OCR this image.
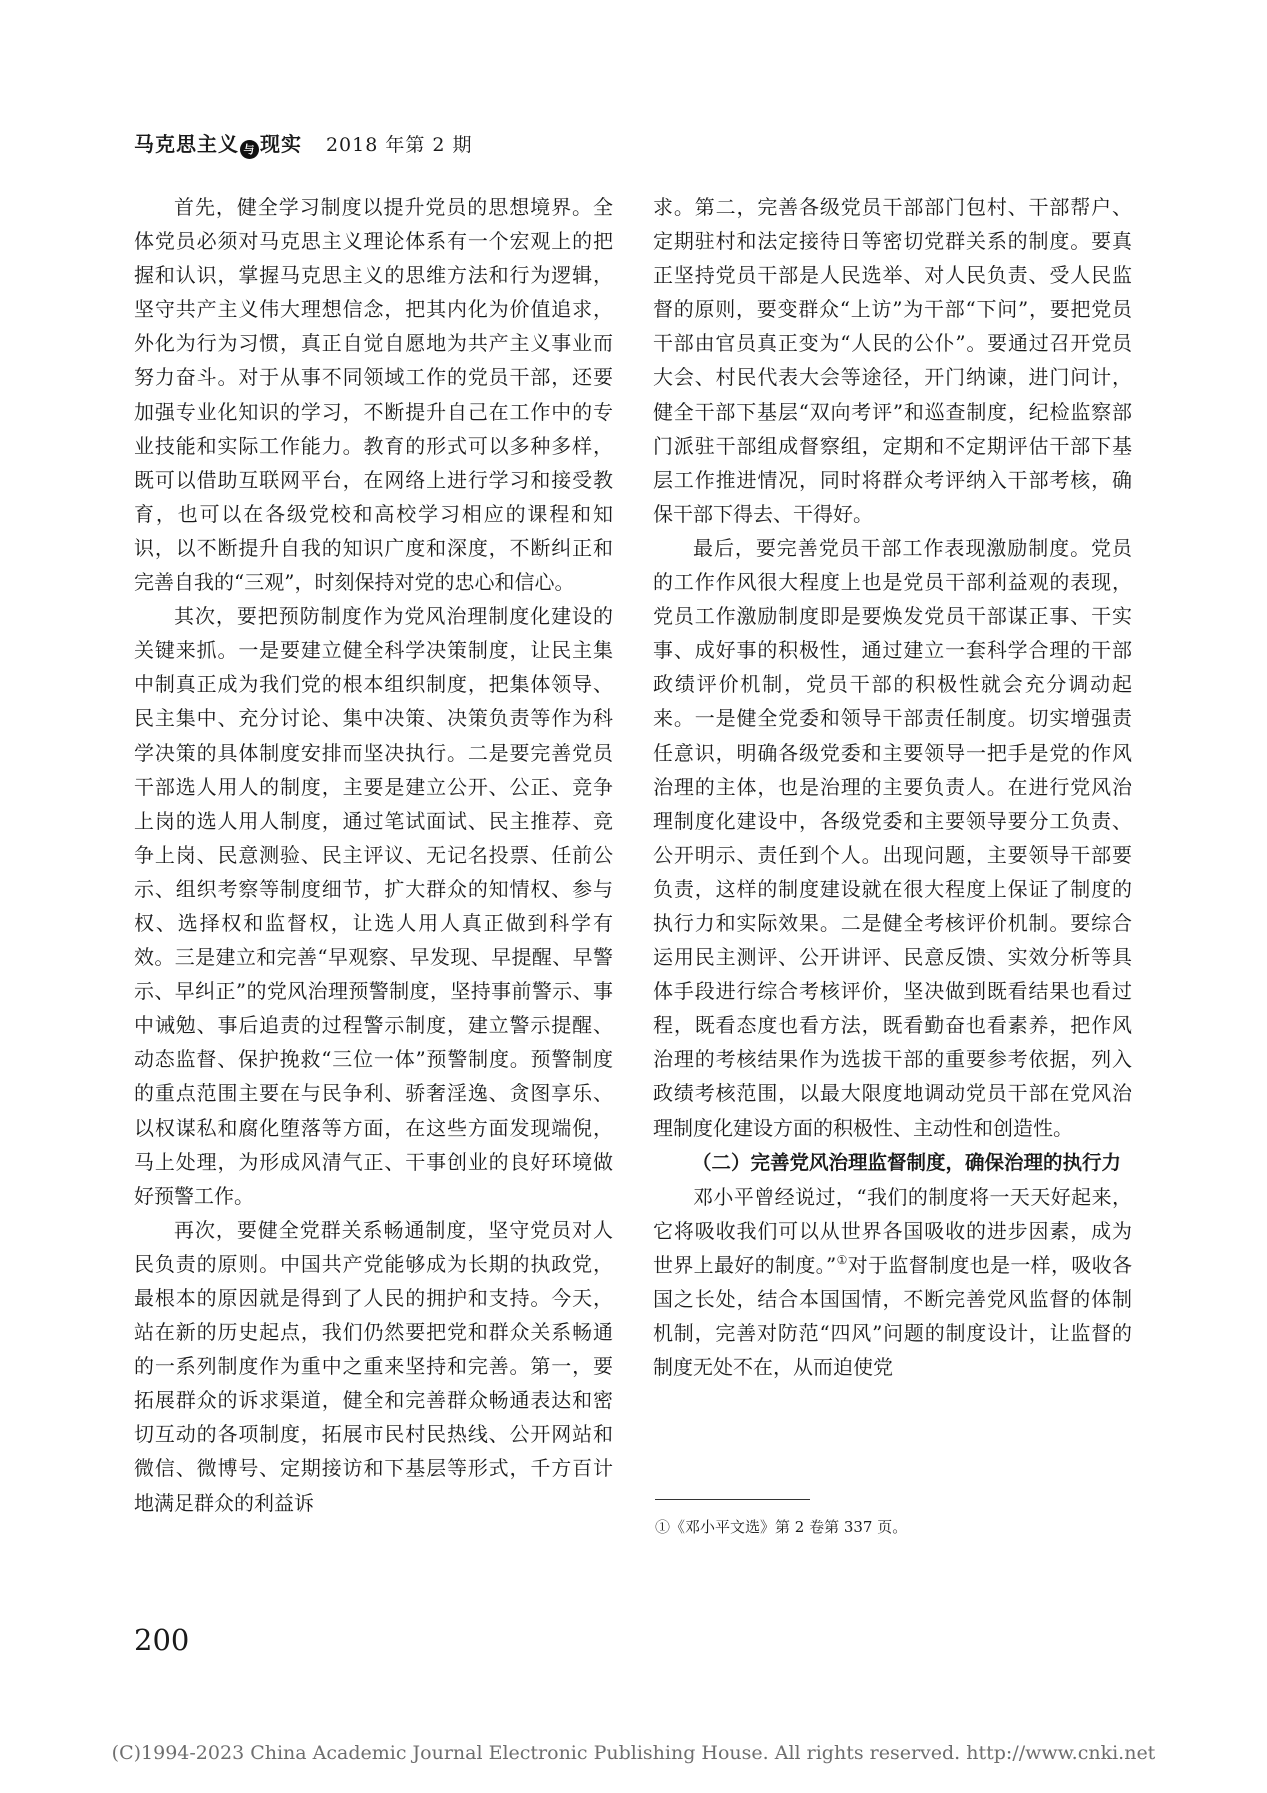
马克思主义 与 现实 2018 年第 2 期

首先，健全学习制度以提升党员的思想境界。全体党员必须对马克思主义理论体系有一个宏观上的把握和认识，掌握马克思主义的思维方法和行为逻辑，坚守共产主义伟大理想信念，把其内化为价值追求，外化为行为习惯，真正自觉自愿地为共产主义事业而努力奋斗。对于从事不同领域工作的党员干部，还要加强专业化知识的学习，不断提升自己在工作中的专业技能和实际工作能力。教育的形式可以多种多样，既可以借助互联网平台，在网络上进行学习和接受教育，也可以在各级党校和高校学习相应的课程和知识，以不断提升自我的知识广度和深度，不断纠正和完善自我的“三观”，时刻保持对党的忠心和信心。

其次，要把预防制度作为党风治理制度化建设的关键来抓。一是要建立健全科学决策制度，让民主集中制真正成为我们党的根本组织制度，把集体领导、民主集中、充分讨论、集中决策、决策负责等作为科学决策的具体制度安排而坚决执行。二是要完善党员干部选人用人的制度，主要是建立公开、公正、竞争上岗的选人用人制度，通过笔试面试、民主推荐、竞争上岗、民意测验、民主评议、无记名投票、任前公示、组织考察等制度细节，扩大群众的知情权、参与权、选择权和监督权，让选人用人真正做到科学有效。三是建立和完善“早观察、早发现、早提醒、早警示、早纠正”的党风治理预警制度，坚持事前警示、事中诫勉、事后追责的过程警示制度，建立警示提醒、动态监督、保护挽救“三位一体”预警制度。预警制度的重点范围主要在与民争利、骄奢淫逸、贪图享乐、以权谋私和腐化堕落等方面，在这些方面发现端倪，马上处理，为形成风清气正、干事创业的良好环境做好预警工作。

再次，要健全党群关系畅通制度，坚守党员对人民负责的原则。中国共产党能够成为长期的执政党，最根本的原因就是得到了人民的拥护和支持。今天，站在新的历史起点，我们仍然要把党和群众关系畅通的一系列制度作为重中之重来坚持和完善。第一，要拓展群众的诉求渠道，健全和完善群众畅通表达和密切互动的各项制度，拓展市民村民热线、公开网站和微信、微博号、定期接访和下基层等形式，千方百计地满足群众的利益诉

求。第二，完善各级党员干部部门包村、干部帮户、定期驻村和法定接待日等密切党群关系的制度。要真正坚持党员干部是人民选举、对人民负责、受人民监督的原则，要变群众“上访”为干部“下问”，要把党员干部由官员真正变为“人民的公仆”。要通过召开党员大会、村民代表大会等途径，开门纳谏，进门问计，健全干部下基层“双向考评”和巡查制度，纪检监察部门派驻干部组成督察组，定期和不定期评估干部下基层工作推进情况，同时将群众考评纳入干部考核，确保干部下得去、干得好。

最后，要完善党员干部工作表现激励制度。党员的工作作风很大程度上也是党员干部利益观的表现，党员工作激励制度即是要焕发党员干部谋正事、干实事、成好事的积极性，通过建立一套科学合理的干部政绩评价机制，党员干部的积极性就会充分调动起来。一是健全党委和领导干部责任制度。切实增强责任意识，明确各级党委和主要领导一把手是党的作风治理的主体，也是治理的主要负责人。在进行党风治理制度化建设中，各级党委和主要领导要分工负责、公开明示、责任到个人。出现问题，主要领导干部要负责，这样的制度建设就在很大程度上保证了制度的执行力和实际效果。二是健全考核评价机制。要综合运用民主测评、公开讲评、民意反馈、实效分析等具体手段进行综合考核评价，坚决做到既看结果也看过程，既看态度也看方法，既看勤奋也看素养，把作风治理的考核结果作为选拔干部的重要参考依据，列入政绩考核范围，以最大限度地调动党员干部在党风治理制度化建设方面的积极性、主动性和创造性。

（二）完善党风治理监督制度，确保治理的执行力

邓小平曾经说过，“我们的制度将一天天好起来，它将吸收我们可以从世界各国吸收的进步因素，成为世界上最好的制度。”①对于监督制度也是一样，吸收各国之长处，结合本国国情，不断完善党风监督的体制机制，完善对防范“四风”问题的制度设计，让监督的制度无处不在，从而迫使党

①《邓小平文选》第 2 卷第 337 页。
200
(C)1994-2023 China Academic Journal Electronic Publishing House. All rights reserved. http://www.cnki.net
